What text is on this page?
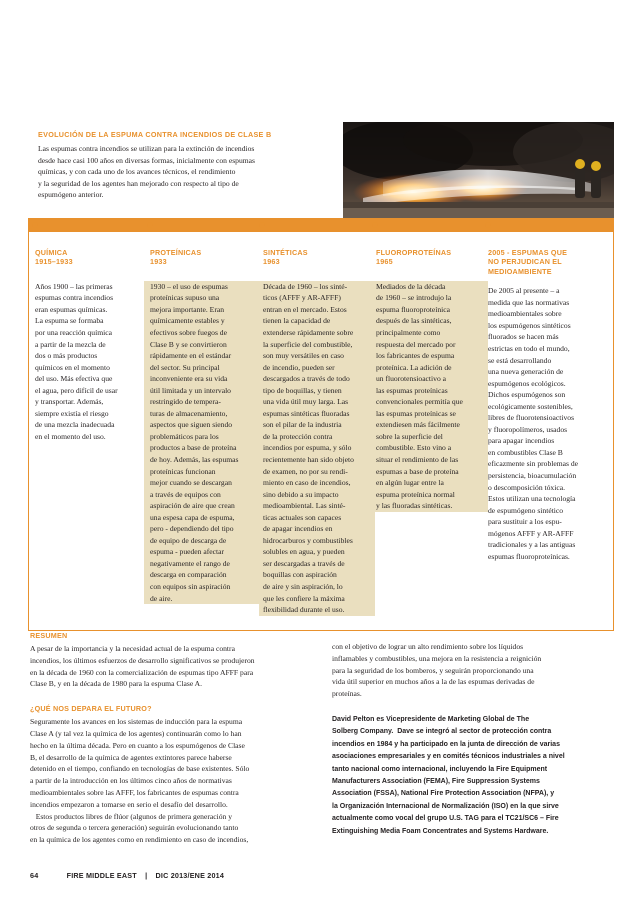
EVOLUCIÓN DE LA ESPUMA CONTRA INCENDIOS DE CLASE B
Las espumas contra incendios se utilizan para la extinción de incendios
desde hace casi 100 años en diversas formas, inicialmente con espumas
químicas, y con cada uno de los avances técnicos, el rendimiento
y la seguridad de los agentes han mejorado con respecto al tipo de
espumógeno anterior.
QUÍMICA
1915–1933
Años 1900 – las primeras
espumas contra incendios
eran espumas químicas.
La espuma se formaba
por una reacción química
a partir de la mezcla de
dos o más productos
químicos en el momento
del uso. Más efectiva que
el agua, pero difícil de usar
y transportar. Además,
siempre existía el riesgo
de una mezcla inadecuada
en el momento del uso.
PROTEÍNICAS
1933
1930 – el uso de espumas
proteínicas supuso una
mejora importante. Eran
químicamente estables y
efectivos sobre fuegos de
Clase B y se convirtieron
rápidamente en el estándar
del sector. Su principal
inconveniente era su vida
útil limitada y un intervalo
restringido de tempera-
turas de almacenamiento,
aspectos que siguen siendo
problemáticos para los
productos a base de proteína
de hoy. Además, las espumas
proteínicas funcionan
mejor cuando se descargan
a través de equipos con
aspiración de aire que crean
una espesa capa de espuma,
pero - dependiendo del tipo
de equipo de descarga de
espuma - pueden afectar
negativamente el rango de
descarga en comparación
con equipos sin aspiración
de aire.
SINTÉTICAS
1963
Década de 1960 – los sinté-
ticos (AFFF y AR-AFFF)
entran en el mercado. Estos
tienen la capacidad de
extenderse rápidamente sobre
la superficie del combustible,
son muy versátiles en caso
de incendio, pueden ser
descargados a través de todo
tipo de boquillas, y tienen
una vida útil muy larga. Las
espumas sintéticas fluoradas
son el pilar de la industria
de la protección contra
incendios por espuma, y sólo
recientemente han sido objeto
de examen, no por su rendi-
miento en caso de incendios,
sino debido a su impacto
medioambiental. Las sinté-
ticas actuales son capaces
de apagar incendios en
hidrocarburos y combustibles
solubles en agua, y pueden
ser descargadas a través de
boquillas con aspiración
de aire y sin aspiración, lo
que les confiere la máxima
flexibilidad durante el uso.
FLUOROPROTEÍNAS
1965
Mediados de la década
de 1960 – se introdujo la
espuma fluoroproteínica
después de las sintéticas,
principalmente como
respuesta del mercado por
los fabricantes de espuma
proteínica. La adición de
un fluorotensioactivo a
las espumas proteínicas
convencionales permitía que
las espumas proteínicas se
extendiesen más fácilmente
sobre la superficie del
combustible. Esto vino a
situar el rendimiento de las
espumas a base de proteína
en algún lugar entre la
espuma proteínica normal
y las fluoradas sintéticas.
2005 - ESPUMAS QUE
NO PERJUDICAN EL
MEDIOAMBIENTE
De 2005 al presente – a
medida que las normativas
medioambientales sobre
los espumógenos sintéticos
fluorados se hacen más
estrictas en todo el mundo,
se está desarrollando
una nueva generación de
espumógenos ecológicos.
Dichos espumógenos son
ecológicamente sostenibles,
libres de fluorotensioactivos
y fluoropolímeros, usados
para apagar incendios
en combustibles Clase B
eficazmente sin problemas de
persistencia, bioacumulación
o descomposición tóxica.
Estos utilizan una tecnología
de espumógeno sintético
para sustituir a los espu-
mógenos AFFF y AR-AFFF
tradicionales y a las antiguas
espumas fluoroproteínicas.
RESUMEN
A pesar de la importancia y la necesidad actual de la espuma contra
incendios, los últimos esfuerzos de desarrollo significativos se produjeron
en la década de 1960 con la comercialización de espumas tipo AFFF para
Clase B, y en la década de 1980 para la espuma Clase A.
¿QUÉ NOS DEPARA EL FUTURO?
Seguramente los avances en los sistemas de inducción para la espuma
Clase A (y tal vez la química de los agentes) continuarán como lo han
hecho en la última década. Pero en cuanto a los espumógenos de Clase
B, el desarrollo de la química de agentes extintores parece haberse
detenido en el tiempo, confiando en tecnologías de base existentes. Sólo
a partir de la introducción en los últimos cinco años de normativas
medioambientales sobre las AFFF, los fabricantes de espumas contra
incendios empezaron a tomarse en serio el desafío del desarrollo.
Estos productos libres de flúor (algunos de primera generación y
otros de segunda o tercera generación) seguirán evolucionando tanto
en la química de los agentes como en rendimiento en caso de incendios,
con el objetivo de lograr un alto rendimiento sobre los líquidos
inflamables y combustibles, una mejora en la resistencia a reignición
para la seguridad de los bomberos, y seguirán proporcionando una
vida útil superior en muchos años a la de las espumas derivadas de
proteínas.
David Pelton es Vicepresidente de Marketing Global de The
Solberg Company.  Dave se integró al sector de protección contra
incendios en 1984 y ha participado en la junta de dirección de varias
asociaciones empresariales y en comités técnicos industriales a nivel
tanto nacional como internacional, incluyendo la Fire Equipment
Manufacturers Association (FEMA), Fire Suppression Systems
Association (FSSA), National Fire Protection Association (NFPA), y
la Organización Internacional de Normalización (ISO) en la que sirve
actualmente como vocal del grupo U.S. TAG para el TC21/SC6 – Fire
Extinguishing Media Foam Concentrates and Systems Hardware.
64	FIRE MIDDLE EAST | DIC 2013/ENE 2014
